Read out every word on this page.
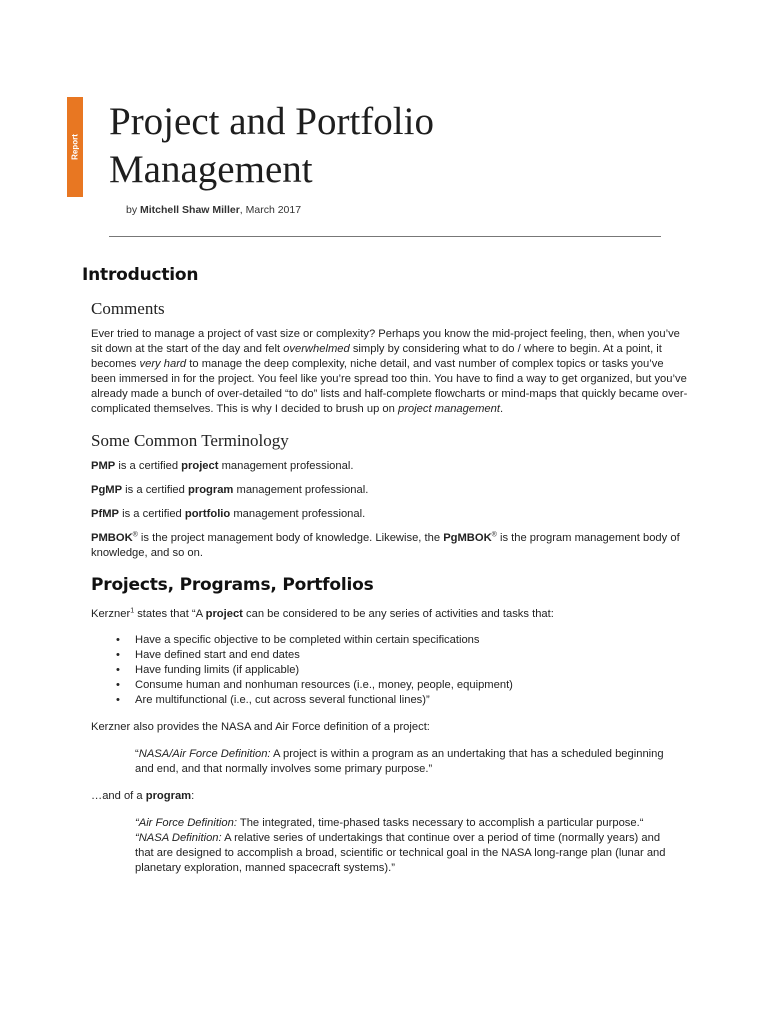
Report
Project and Portfolio
Management
by Mitchell Shaw Miller, March 2017
Introduction
Comments

Ever tried to manage a project of vast size or complexity? Perhaps you know the mid-project feeling, then, when you’ve sit down at the start of the day and felt overwhelmed simply by considering what to do / where to begin. At a point, it becomes very hard to manage the deep complexity, niche detail, and vast number of complex topics or tasks you’ve been immersed in for the project. You feel like you’re spread too thin. You have to find a way to get organized, but you’ve already made a bunch of over-detailed “to do” lists and half-complete flowcharts or mind-maps that quickly became over-complicated themselves. This is why I decided to brush up on project management.

Some Common Terminology

PMP is a certified project management professional.

PgMP is a certified program management professional.

PfMP is a certified portfolio management professional.

PMBOK® is the project management body of knowledge. Likewise, the PgMBOK® is the program management body of knowledge, and so on.

Projects, Programs, Portfolios

Kerzner$^1$ states that “A project can be considered to be any series of activities and tasks that:

• Have a specific objective to be completed within certain specifications
• Have defined start and end dates
• Have funding limits (if applicable)
• Consume human and nonhuman resources (i.e., money, people, equipment)
• Are multifunctional (i.e., cut across several functional lines)”

Kerzner also provides the NASA and Air Force definition of a project:

“NASA/Air Force Definition: A project is within a program as an undertaking that has a scheduled beginning and end, and that normally involves some primary purpose.”

…and of a program:

“Air Force Definition: The integrated, time-phased tasks necessary to accomplish a particular purpose.“

“NASA Definition: A relative series of undertakings that continue over a period of time (normally years) and that are designed to accomplish a broad, scientific or technical goal in the NASA long-range plan (lunar and planetary exploration, manned spacecraft systems).”
